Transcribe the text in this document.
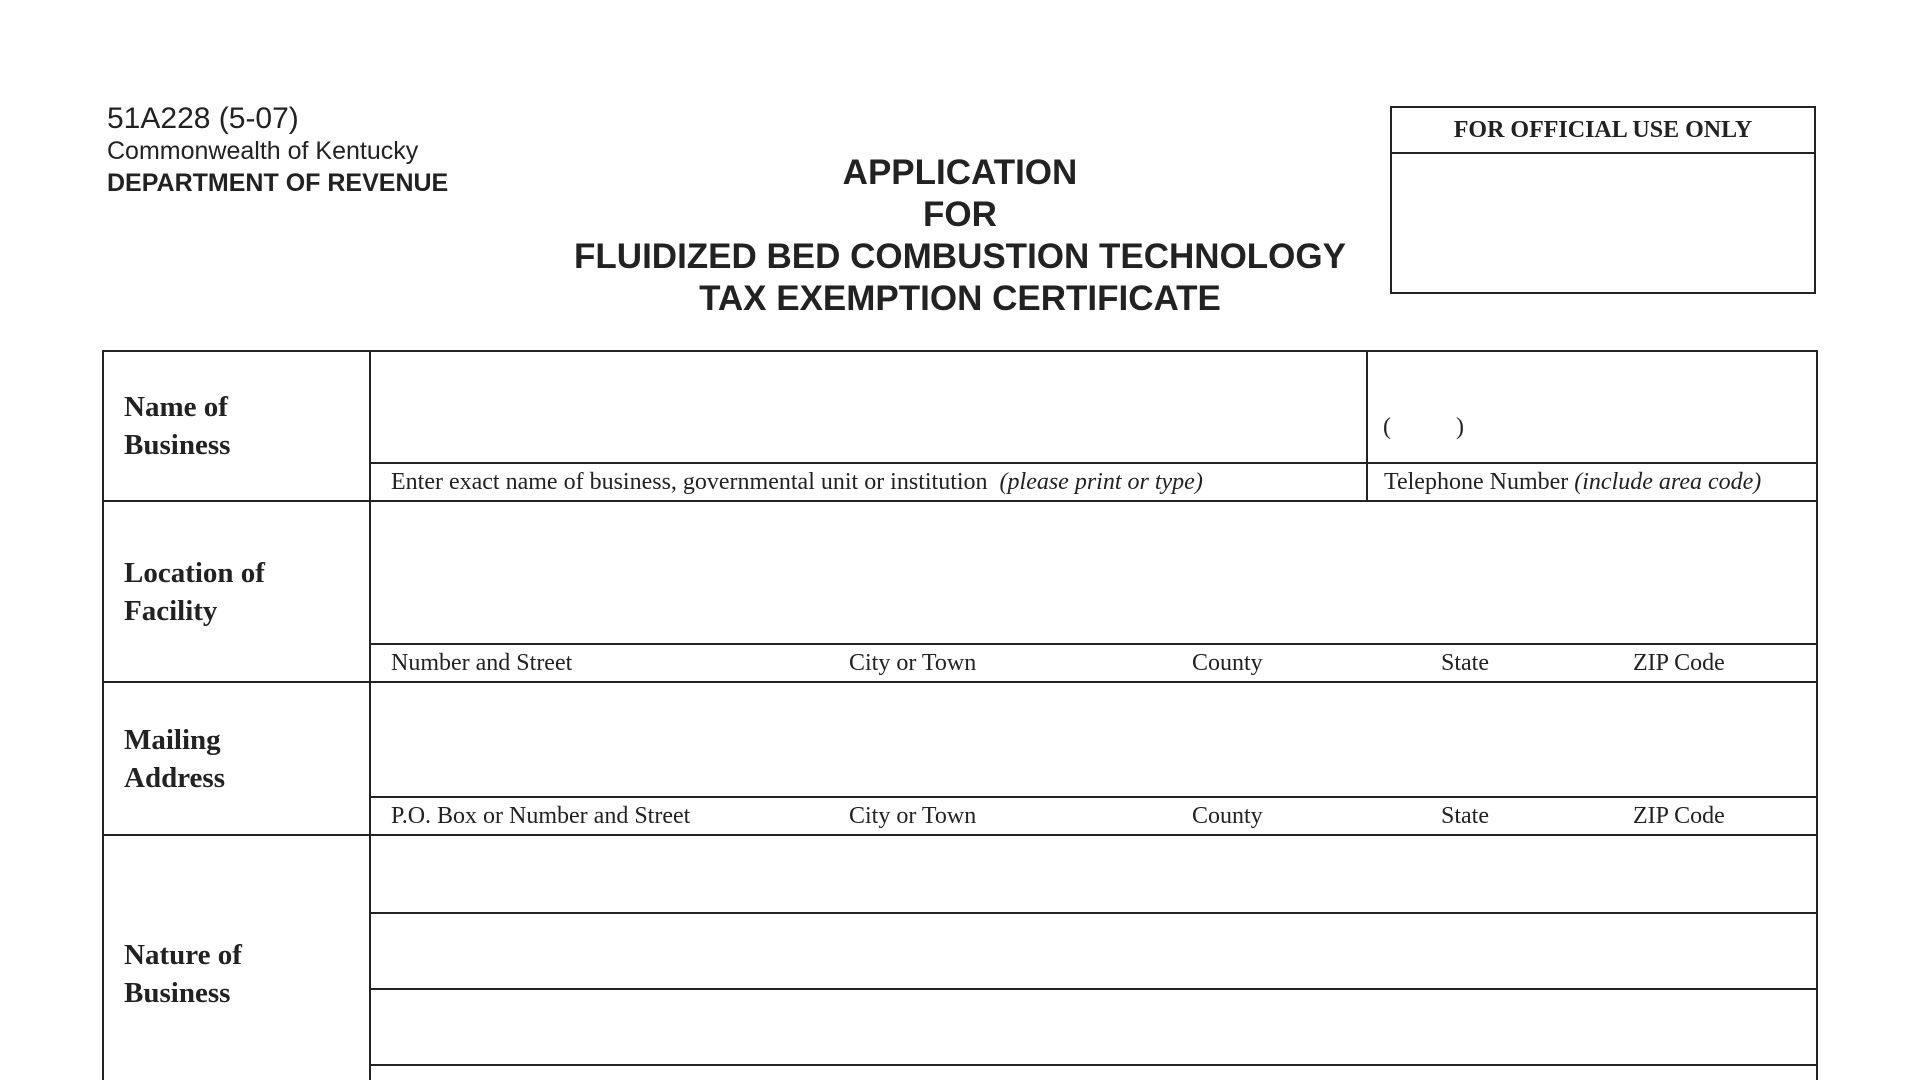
51A228 (5-07)
Commonwealth of Kentucky
DEPARTMENT OF REVENUE	APPLICATION
FOR
FLUIDIZED BED COMBUSTION TECHNOLOGY
TAX EXEMPTION CERTIFICATE
FOR OFFICIAL USE ONLY
Name of
Business
(	)
Enter exact name of business, governmental unit or institution (please print or type)	Telephone Number (include area code)
Location of
Facility
Number and Street	City or Town	County	State	ZIP Code
Mailing
Address
P.O. Box or Number and Street	City or Town	County	State	ZIP Code
Nature of
Business
